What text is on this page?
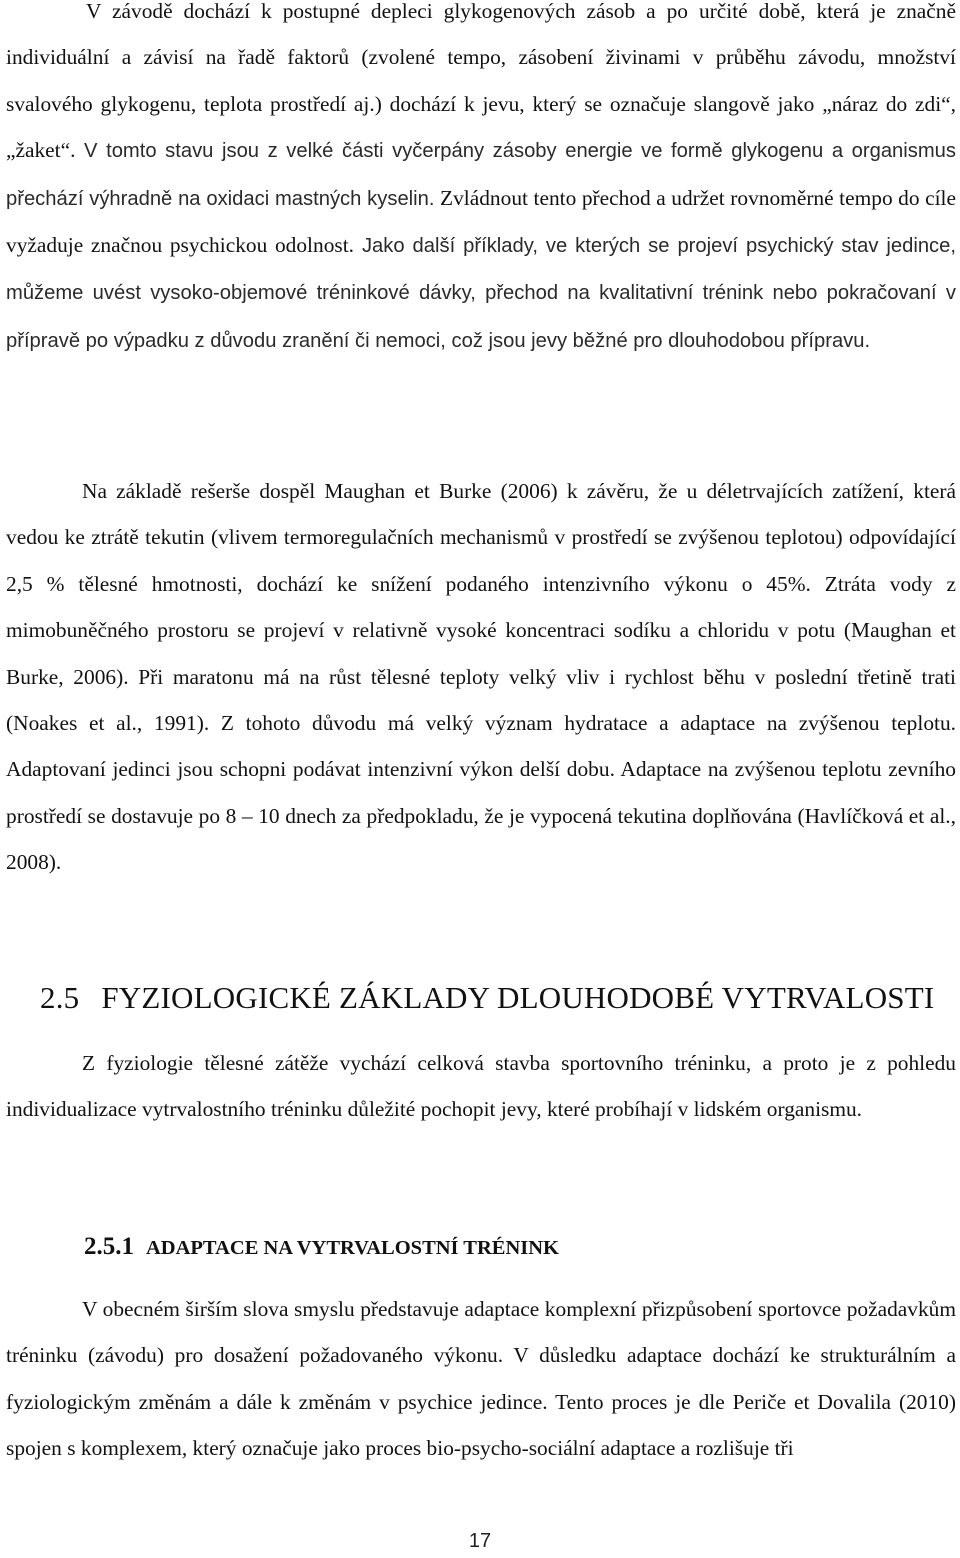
V závodě dochází k postupné depleci glykogenových zásob a po určité době, která je značně individuální a závisí na řadě faktorů (zvolené tempo, zásobení živinami v průběhu závodu, množství svalového glykogenu, teplota prostředí aj.) dochází k jevu, který se označuje slangově jako „náraz do zdi“, „žaket“. V tomto stavu jsou z velké části vyčerpány zásoby energie ve formě glykogenu a organismus přechází výhradně na oxidaci mastných kyselin. Zvládnout tento přechod a udržet rovnoměrné tempo do cíle vyžaduje značnou psychickou odolnost. Jako další příklady, ve kterých se projeví psychický stav jedince, můžeme uvést vysoko-objemové tréninkové dávky, přechod na kvalitativní trénink nebo pokračovaní v přípravě po výpadku z důvodu zranění či nemoci, což jsou jevy běžné pro dlouhodobou přípravu.

Na základě rešerše dospěl Maughan et Burke (2006) k závěru, že u déletrvajících zatížení, která vedou ke ztrátě tekutin (vlivem termoregulačních mechanismů v prostředí se zvýšenou teplotou) odpovídající 2,5 % tělesné hmotnosti, dochází ke snížení podaného intenzivního výkonu o 45%. Ztráta vody z mimobuněčného prostoru se projeví v relativně vysoké koncentraci sodíku a chloridu v potu (Maughan et Burke, 2006). Při maratonu má na růst tělesné teploty velký vliv i rychlost běhu v poslední třetině trati (Noakes et al., 1991). Z tohoto důvodu má velký význam hydratace a adaptace na zvýšenou teplotu. Adaptovaní jedinci jsou schopni podávat intenzivní výkon delší dobu. Adaptace na zvýšenou teplotu zevního prostředí se dostavuje po 8 – 10 dnech za předpokladu, že je vypocená tekutina doplňována (Havlíčková et al., 2008).

2.5 FYZIOLOGICKÉ ZÁKLADY DLOUHODOBÉ VYTRVALOSTI

Z fyziologie tělesné zátěže vychází celková stavba sportovního tréninku, a proto je z pohledu individualizace vytrvalostního tréninku důležité pochopit jevy, které probíhají v lidském organismu.

2.5.1 ADAPTACE NA VYTRVALOSTNÍ TRÉNINK

V obecném širším slova smyslu představuje adaptace komplexní přizpůsobení sportovce požadavkům tréninku (závodu) pro dosažení požadovaného výkonu. V důsledku adaptace dochází ke strukturálním a fyziologickým změnám a dále k změnám v psychice jedince. Tento proces je dle Periče et Dovalila (2010) spojen s komplexem, který označuje jako proces bio-psycho-sociální adaptace a rozlišuje tři

17
